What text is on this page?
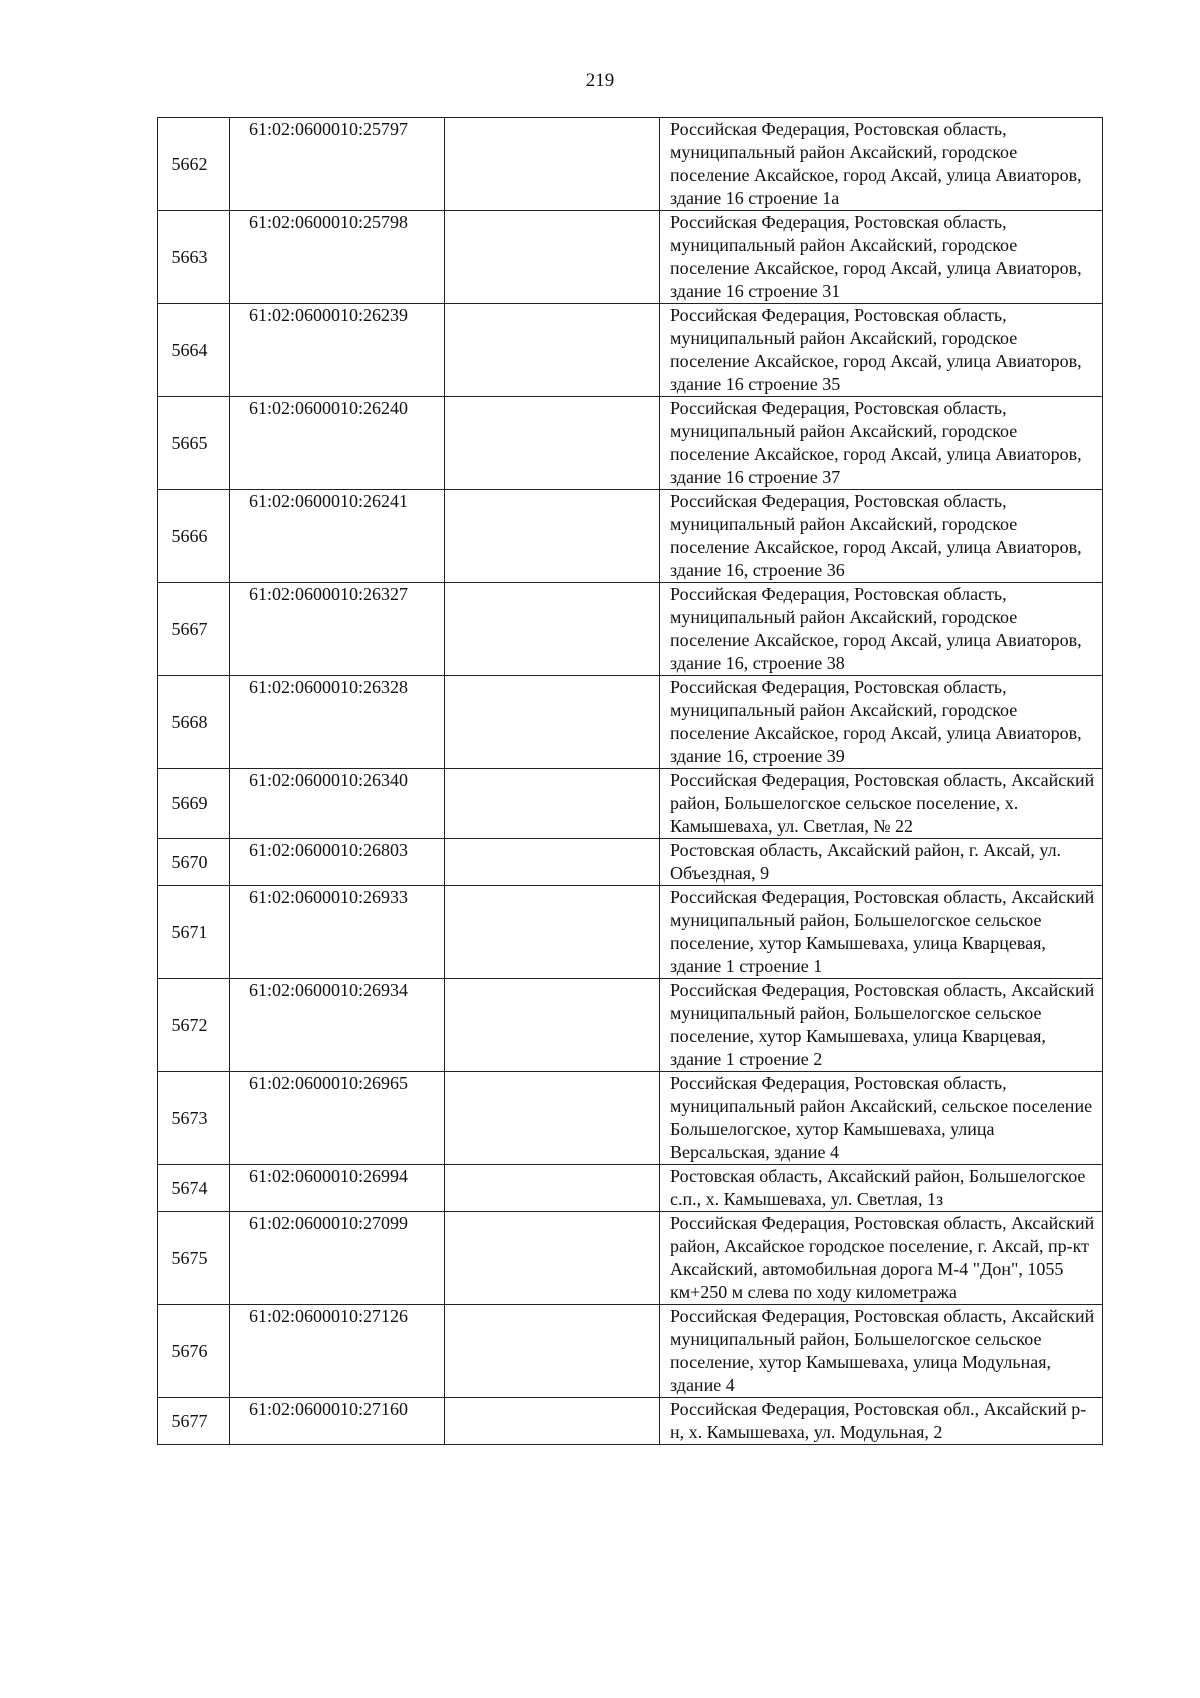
219
5662	61:02:0600010:25797		Российская Федерация, Ростовская область, муниципальный район Аксайский, городское поселение Аксайское, город Аксай, улица Авиаторов, здание 16 строение 1а
5663	61:02:0600010:25798		Российская Федерация, Ростовская область, муниципальный район Аксайский, городское поселение Аксайское, город Аксай, улица Авиаторов, здание 16 строение 31
5664	61:02:0600010:26239		Российская Федерация, Ростовская область, муниципальный район Аксайский, городское поселение Аксайское, город Аксай, улица Авиаторов, здание 16 строение 35
5665	61:02:0600010:26240		Российская Федерация, Ростовская область, муниципальный район Аксайский, городское поселение Аксайское, город Аксай, улица Авиаторов, здание 16 строение 37
5666	61:02:0600010:26241		Российская Федерация, Ростовская область, муниципальный район Аксайский, городское поселение Аксайское, город Аксай, улица Авиаторов, здание 16, строение 36
5667	61:02:0600010:26327		Российская Федерация, Ростовская область, муниципальный район Аксайский, городское поселение Аксайское, город Аксай, улица Авиаторов, здание 16, строение 38
5668	61:02:0600010:26328		Российская Федерация, Ростовская область, муниципальный район Аксайский, городское поселение Аксайское, город Аксай, улица Авиаторов, здание 16, строение 39
5669	61:02:0600010:26340		Российская Федерация, Ростовская область, Аксайский район, Большелогское сельское поселение, х. Камышеваха, ул. Светлая, № 22
5670	61:02:0600010:26803		Ростовская область, Аксайский район, г. Аксай, ул. Объездная, 9
5671	61:02:0600010:26933		Российская Федерация, Ростовская область, Аксайский муниципальный район, Большелогское сельское поселение, хутор Камышеваха, улица Кварцевая, здание 1 строение 1
5672	61:02:0600010:26934		Российская Федерация, Ростовская область, Аксайский муниципальный район, Большелогское сельское поселение, хутор Камышеваха, улица Кварцевая, здание 1 строение 2
5673	61:02:0600010:26965		Российская Федерация, Ростовская область, муниципальный район Аксайский, сельское поселение Большелогское, хутор Камышеваха, улица Версальская, здание 4
5674	61:02:0600010:26994		Ростовская область, Аксайский район, Большелогское с.п., х. Камышеваха, ул. Светлая, 1з
5675	61:02:0600010:27099		Российская Федерация, Ростовская область, Аксайский район, Аксайское городское поселение, г. Аксай, пр-кт Аксайский, автомобильная дорога М-4 "Дон", 1055 км+250 м слева по ходу километража
5676	61:02:0600010:27126		Российская Федерация, Ростовская область, Аксайский муниципальный район, Большелогское сельское поселение, хутор Камышеваха, улица Модульная, здание 4
5677	61:02:0600010:27160		Российская Федерация, Ростовская обл., Аксайский р-н, х. Камышеваха, ул. Модульная, 2
